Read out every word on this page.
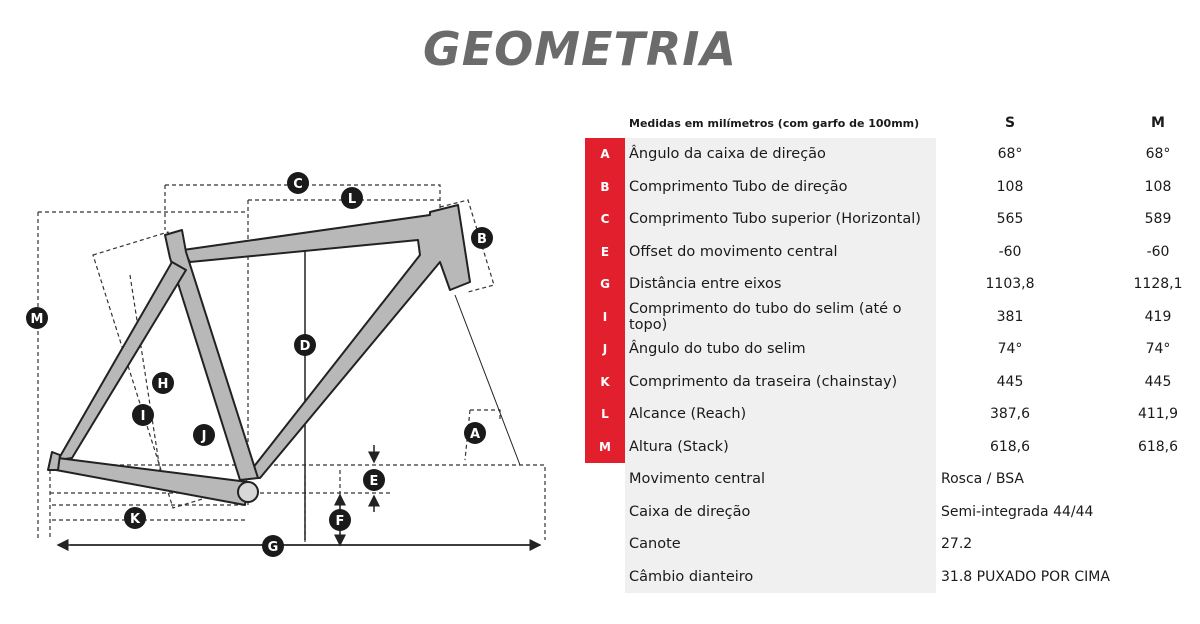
GEOMETRIA
C
L
B
M
D
H
I
J	A
E
K	F
G
Medidas em milímetros (com garfo de 100mm)	S	M
A	Ângulo da caixa de direção	68°	68°
B	Comprimento Tubo de direção	108	108
C	Comprimento Tubo superior (Horizontal)	565	589
E	Offset do movimento central	-60	-60
G	Distância entre eixos	1103,8	1128,1
I	Comprimento do tubo do selim (até o topo)	381	419
J	Ângulo do tubo do selim	74°	74°
K	Comprimento da traseira (chainstay)	445	445
L	Alcance (Reach)	387,6	411,9
M	Altura (Stack)	618,6	618,6
Movimento central	Rosca / BSA
Caixa de direção	Semi-integrada 44/44
Canote	27.2
Câmbio dianteiro	31.8 PUXADO POR CIMA
